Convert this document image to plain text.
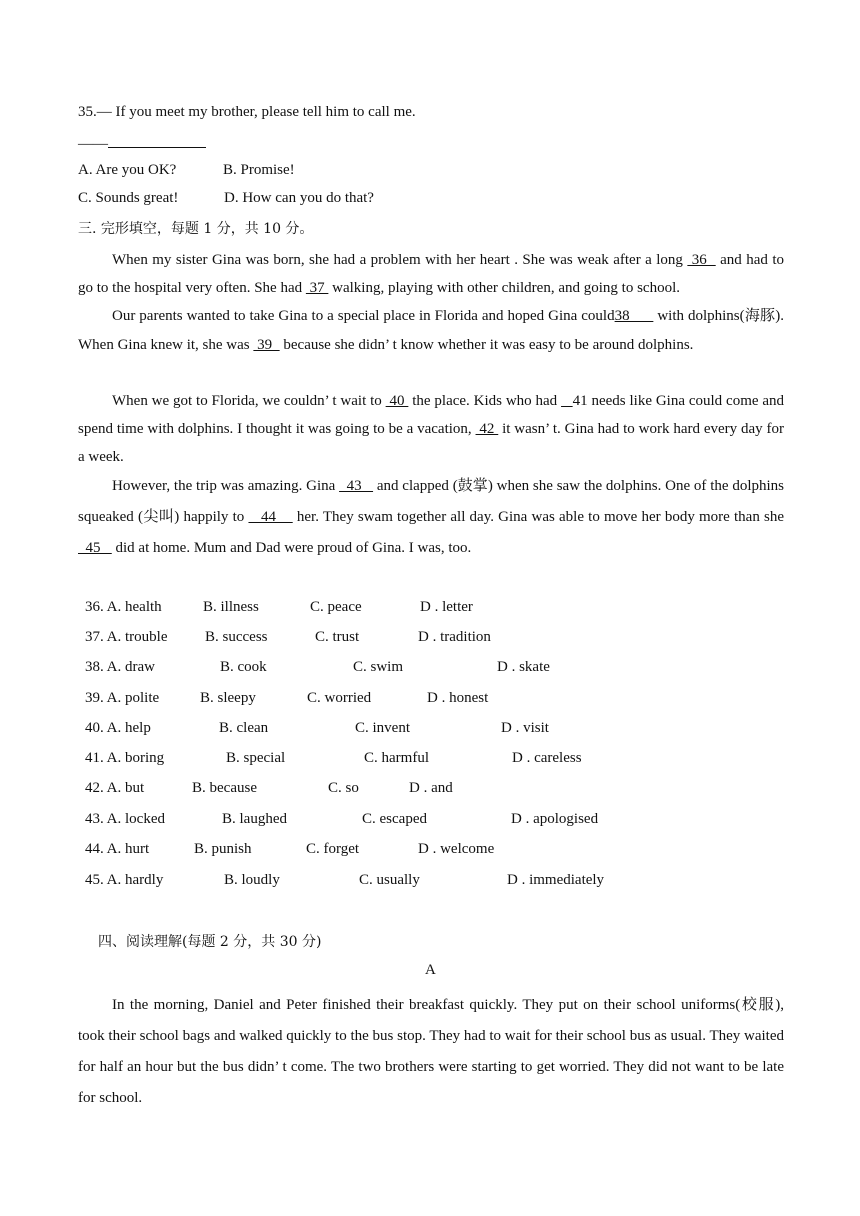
35.— If you meet my brother, please tell him to call me.
——
A. Are you OK?	B. Promise!
C. Sounds great!	D. How can you do that?
三. 完形填空，每题 1 分，共 10 分。
When my sister Gina was born, she had a problem with her heart . She was weak after a long  36   and had to go to the hospital very often. She had  37  walking, playing with other children, and going to school.
Our parents wanted to take Gina to a special place in Florida and hoped Gina could38       with dolphins(海豚). When Gina knew it, she was  39   because she didn’ t know whether it was easy to be around dolphins.
When we got to Florida, we couldn’ t wait to  40  the place. Kids who had    41 needs like Gina could come and spend time with dolphins. I thought it was going to be a vacation,  42  it wasn’ t. Gina had to work hard every day for a week.
However, the trip was amazing. Gina   43    and clapped (鼓掌) when she saw the dolphins. One of the dolphins squeaked (尖叫) happily to    44     her. They swam together all day. Gina was able to move her body more than she   45    did at home. Mum and Dad were proud of Gina. I was, too.
36. A. health	B. illness	C. peace	D . letter
37. A. trouble	B. success	C. trust	D . tradition
38. A. draw	B. cook	C. swim	D . skate
39. A. polite	B. sleepy	C. worried	D . honest
40. A. help	B. clean	C. invent	D . visit
41. A. boring	B. special	C. harmful	D . careless
42. A. but	B. because	C. so	D . and
43. A. locked	B. laughed	C. escaped	D . apologised
44. A. hurt	B. punish	C. forget	D . welcome
45. A. hardly	B. loudly	C. usually	D . immediately
四、阅读理解(每题 2 分，共 30 分)
A
In the morning, Daniel and Peter finished their breakfast quickly. They put on their school uniforms(校服), took their school bags and walked quickly to the bus stop. They had to wait for their school bus as usual. They waited for half an hour but the bus didn’ t come. The two brothers were starting to get worried. They did not want to be late for school.
